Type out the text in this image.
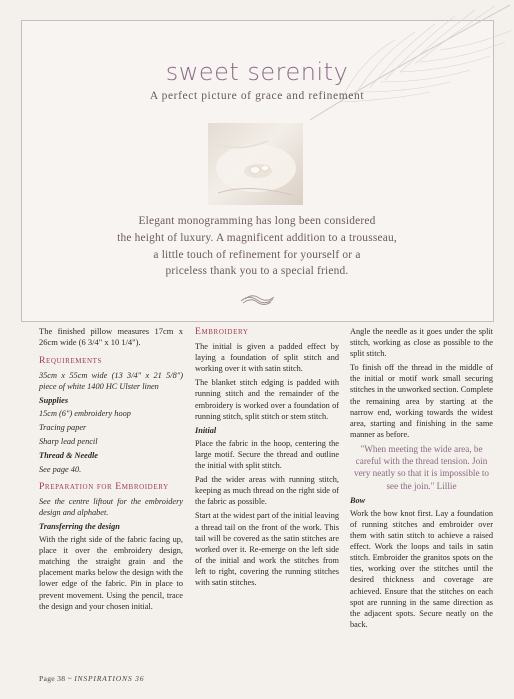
sweet serenity
A perfect picture of grace and refinement
Elegant monogramming has long been considered
the height of luxury. A magnificent addition to a trousseau,
a little touch of refinement for yourself or a
priceless thank you to a special friend.

The finished pillow measures 17cm x 26cm wide (6 3/4" x 10 1/4").

Requirements

35cm x 55cm wide (13 3/4" x 21 5/8") piece of white 1400 HC Ulster linen

Supplies

15cm (6") embroidery hoop

Tracing paper

Sharp lead pencil

Thread & Needle

See page 40.

Preparation for Embroidery

See the centre liftout for the embroidery design and alphabet.

Transferring the design

With the right side of the fabric facing up, place it over the embroidery design, matching the straight grain and the placement marks below the design with the lower edge of the fabric. Pin in place to prevent movement. Using the pencil, trace the design and your chosen initial.

Embroidery

The initial is given a padded effect by laying a foundation of split stitch and working over it with satin stitch.

The blanket stitch edging is padded with running stitch and the remainder of the embroidery is worked over a foundation of running stitch, split stitch or stem stitch.

Initial

Place the fabric in the hoop, centering the large motif. Secure the thread and outline the initial with split stitch.

Pad the wider areas with running stitch, keeping as much thread on the right side of the fabric as possible.

Start at the widest part of the initial leaving a thread tail on the front of the work. This tail will be covered as the satin stitches are worked over it. Re-emerge on the left side of the initial and work the stitches from left to right, covering the running stitches with satin stitches.

Angle the needle as it goes under the split stitch, working as close as possible to the split stitch.

To finish off the thread in the middle of the initial or motif work small securing stitches in the unworked section. Complete the remaining area by starting at the narrow end, working towards the widest area, starting and finishing in the same manner as before.

"When meeting the wide area, be careful with the thread tension. Join very neatly so that it is impossible to see the join." Lillie
Bow

Work the bow knot first. Lay a foundation of running stitches and embroider over them with satin stitch to achieve a raised effect. Work the loops and tails in satin stitch. Embroider the granitos spots on the ties, working over the stitches until the desired thickness and coverage are achieved. Ensure that the stitches on each spot are running in the same direction as the adjacent spots. Secure neatly on the back.

Page 38 ~ INSPIRATIONS 36
